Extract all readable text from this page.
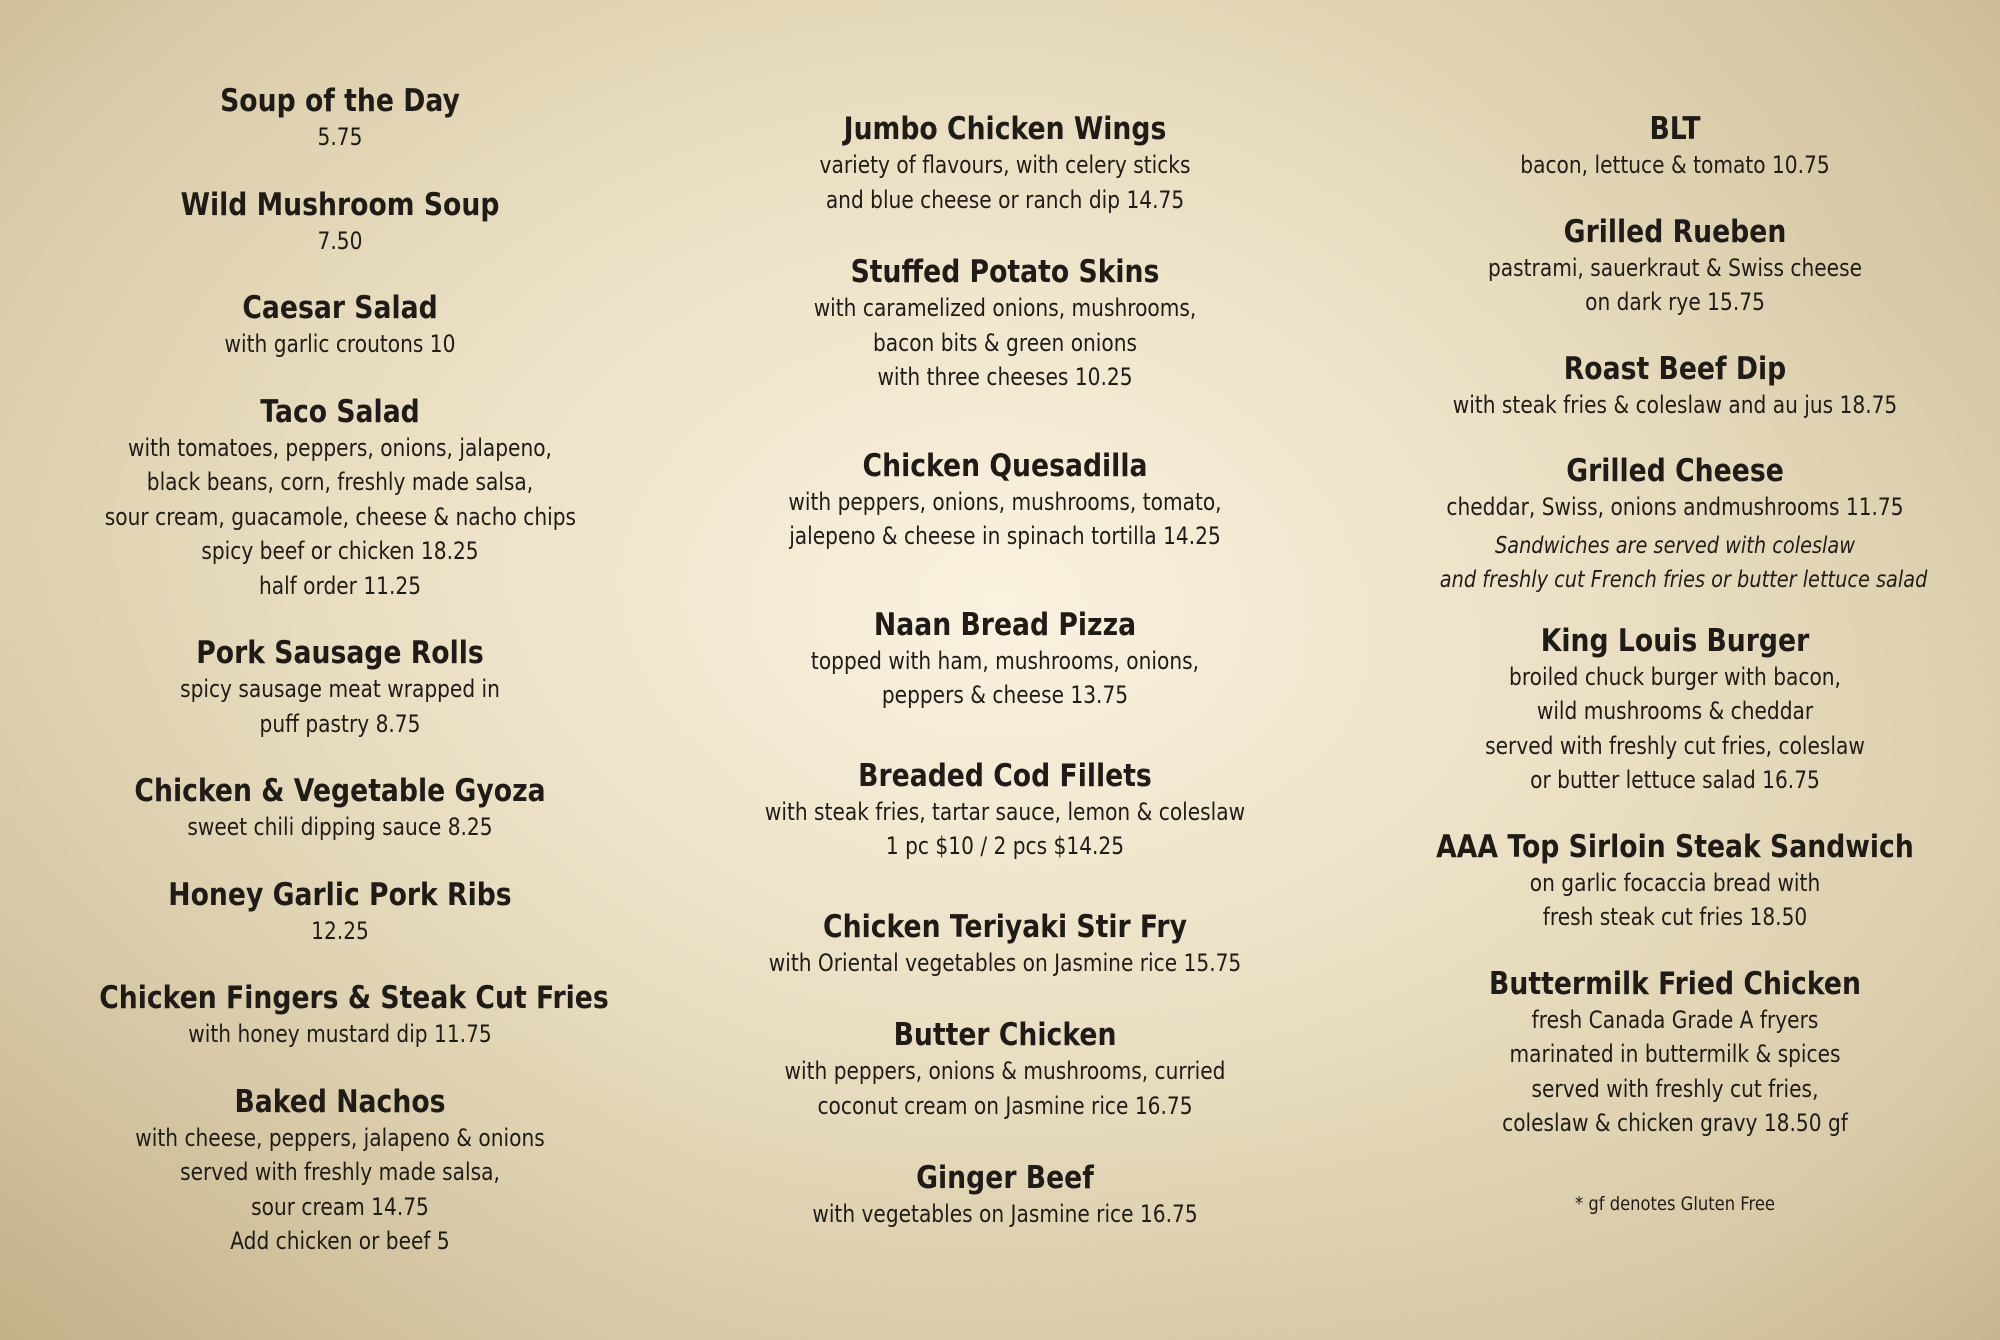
Soup of the Day
5.75
Wild Mushroom Soup
7.50
Caesar Salad
with garlic croutons 10
Taco Salad
with tomatoes, peppers, onions, jalapeno,
black beans, corn, freshly made salsa,
sour cream, guacamole, cheese & nacho chips
spicy beef or chicken 18.25
half order 11.25
Pork Sausage Rolls
spicy sausage meat wrapped in
puff pastry 8.75
Chicken & Vegetable Gyoza
sweet chili dipping sauce 8.25
Honey Garlic Pork Ribs
12.25
Chicken Fingers & Steak Cut Fries
with honey mustard dip 11.75
Baked Nachos
with cheese, peppers, jalapeno & onions
served with freshly made salsa,
sour cream 14.75
Add chicken or beef 5
Jumbo Chicken Wings
variety of flavours, with celery sticks
and blue cheese or ranch dip 14.75
Stuffed Potato Skins
with caramelized onions, mushrooms,
bacon bits & green onions
with three cheeses 10.25
Chicken Quesadilla
with peppers, onions, mushrooms, tomato,
jalepeno & cheese in spinach tortilla 14.25
Naan Bread Pizza
topped with ham, mushrooms, onions,
peppers & cheese 13.75
Breaded Cod Fillets
with steak fries, tartar sauce, lemon & coleslaw
1 pc $10 / 2 pcs $14.25
Chicken Teriyaki Stir Fry
with Oriental vegetables on Jasmine rice 15.75
Butter Chicken
with peppers, onions & mushrooms, curried
coconut cream on Jasmine rice 16.75
Ginger Beef
with vegetables on Jasmine rice 16.75
BLT
bacon, lettuce & tomato 10.75
Grilled Rueben
pastrami, sauerkraut & Swiss cheese
on dark rye 15.75
Roast Beef Dip
with steak fries & coleslaw and au jus 18.75
Grilled Cheese
cheddar, Swiss, onions andmushrooms 11.75
Sandwiches are served with coleslaw
and freshly cut French fries or butter lettuce salad
King Louis Burger
broiled chuck burger with bacon,
wild mushrooms & cheddar
served with freshly cut fries, coleslaw
or butter lettuce salad 16.75
AAA Top Sirloin Steak Sandwich
on garlic focaccia bread with
fresh steak cut fries 18.50
Buttermilk Fried Chicken
fresh Canada Grade A fryers
marinated in buttermilk & spices
served with freshly cut fries,
coleslaw & chicken gravy 18.50 gf
* gf denotes Gluten Free
